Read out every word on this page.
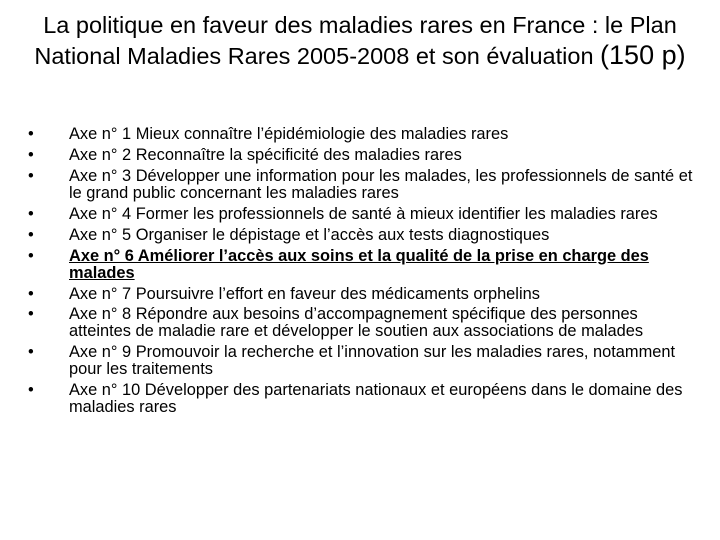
La politique en faveur des maladies rares en France : le Plan National Maladies Rares 2005-2008 et son évaluation (150 p)
•	Axe n° 1 Mieux connaître l’épidémiologie des maladies rares
•	Axe n° 2 Reconnaître la spécificité des maladies rares
•	Axe n° 3 Développer une information pour les malades, les professionnels de santé et le grand public concernant les maladies rares
•	Axe n° 4 Former les professionnels de santé à mieux identifier les maladies rares
•	Axe n° 5 Organiser le dépistage et l’accès aux tests diagnostiques
•	Axe n° 6 Améliorer l’accès aux soins et la qualité de la prise en charge des malades
•	Axe n° 7 Poursuivre l’effort en faveur des médicaments orphelins
•	Axe n° 8 Répondre aux besoins d’accompagnement spécifique des personnes atteintes de maladie rare et développer le soutien aux associations de malades
•	Axe n° 9 Promouvoir la recherche et l’innovation sur les maladies rares, notamment pour les traitements
•	Axe n° 10 Développer des partenariats nationaux et européens dans le domaine des maladies rares
